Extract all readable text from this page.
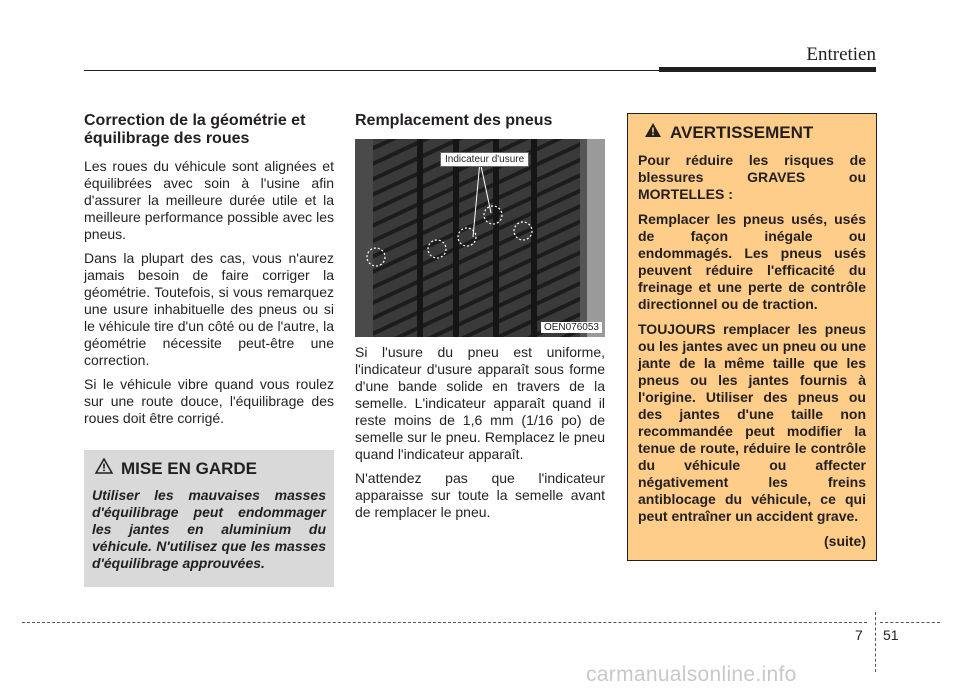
Entretien
Correction de la géométrie et équilibrage des roues

Les roues du véhicule sont alignées et équilibrées avec soin à l'usine afin d'assurer la meilleure durée utile et la meilleure performance possible avec les pneus.

Dans la plupart des cas, vous n'aurez jamais besoin de faire corriger la géométrie. Toutefois, si vous remarquez une usure inhabituelle des pneus ou si le véhicule tire d'un côté ou de l'autre, la géométrie nécessite peut-être une correction.

Si le véhicule vibre quand vous roulez sur une route douce, l'équilibrage des roues doit être corrigé.

MISE EN GARDE
Utiliser les mauvaises masses d'équilibrage peut endommager les jantes en aluminium du véhicule. N'utilisez que les masses d'équilibrage approuvées.
Remplacement des pneus
Indicateur d'usure
OEN076053

Si l'usure du pneu est uniforme, l'indicateur d'usure apparaît sous forme d'une bande solide en travers de la semelle. L'indicateur apparaît quand il reste moins de 1,6 mm (1/16 po) de semelle sur le pneu. Remplacez le pneu quand l'indicateur apparaît.

N'attendez pas que l'indicateur apparaisse sur toute la semelle avant de remplacer le pneu.

AVERTISSEMENT

Pour réduire les risques de blessures GRAVES ou MORTELLES :

Remplacer les pneus usés, usés de façon inégale ou endommagés. Les pneus usés peuvent réduire l'efficacité du freinage et une perte de contrôle directionnel ou de traction.

TOUJOURS remplacer les pneus ou les jantes avec un pneu ou une jante de la même taille que les pneus ou les jantes fournis à l'origine. Utiliser des pneus ou des jantes d'une taille non recommandée peut modifier la tenue de route, réduire le contrôle du véhicule ou affecter négativement les freins antiblocage du véhicule, ce qui peut entraîner un accident grave.

(suite)

7 51
carmanualsonline.info
